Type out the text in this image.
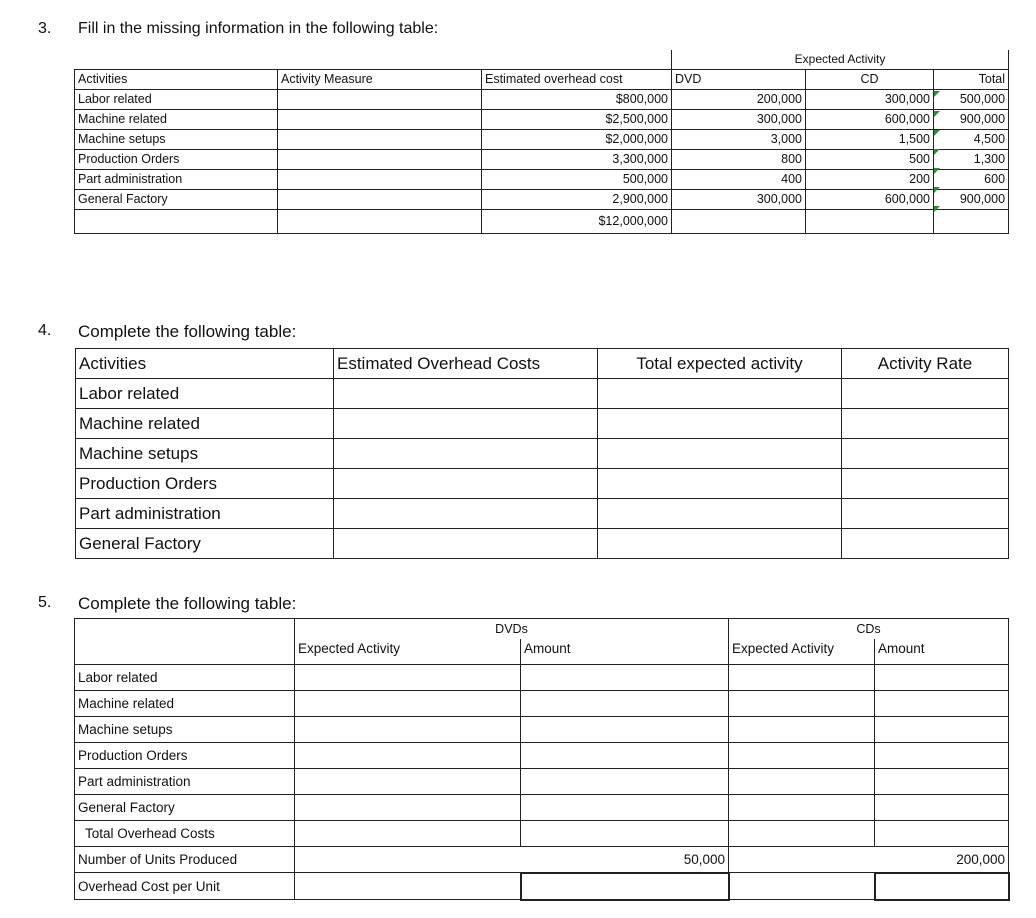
3. Fill in the missing information in the following table:
			Expected Activity		
Activities	Activity Measure	Estimated overhead cost	DVD	CD	Total
Labor related		$800,000	200,000	300,000	500,000
Machine related		$2,500,000	300,000	600,000	900,000
Machine setups		$2,000,000	3,000	1,500	4,500
Production Orders		3,300,000	800	500	1,300
Part administration		500,000	400	200	600
General Factory		2,900,000	300,000	600,000	900,000
		$12,000,000			
4. Complete the following table:
Activities	Estimated Overhead Costs	Total expected activity	Activity Rate
Labor related			
Machine related			
Machine setups			
Production Orders			
Part administration			
General Factory			
5. Complete the following table:
	DVDs		CDs	
	Expected Activity	Amount	Expected Activity	Amount
Labor related				
Machine related				
Machine setups				
Production Orders				
Part administration				
General Factory				
Total Overhead Costs				
Number of Units Produced		50,000		200,000
Overhead Cost per Unit				
